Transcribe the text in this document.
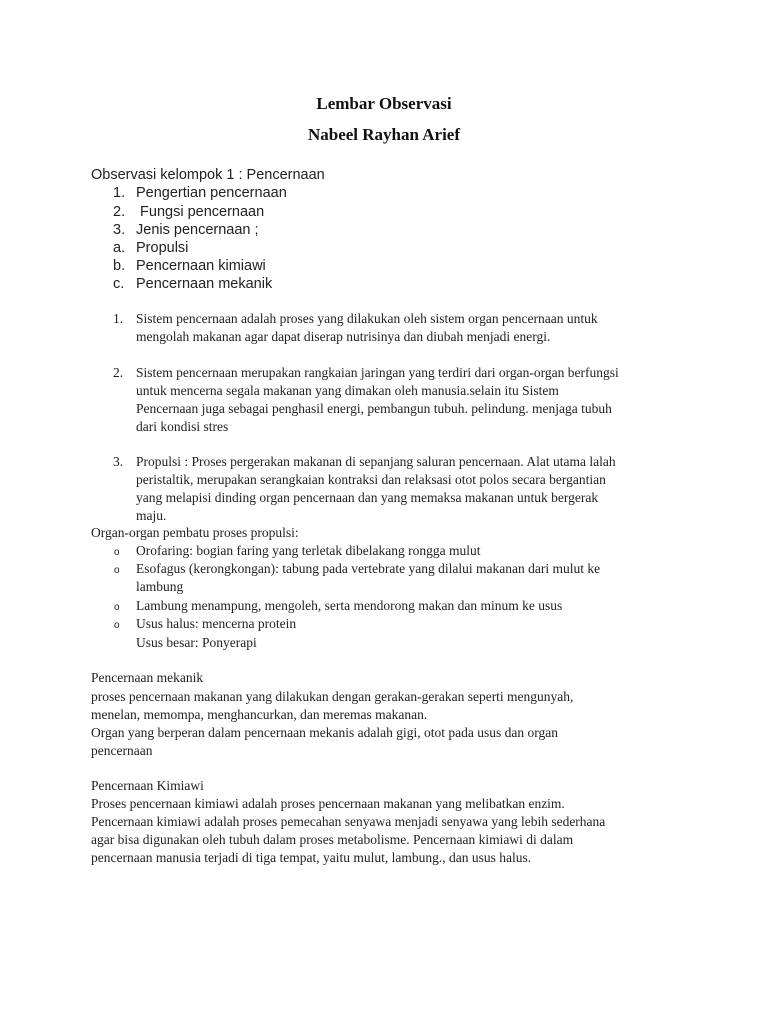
Lembar Observasi
Nabeel Rayhan Arief
Observasi kelompok 1 : Pencernaan
1. Pengertian pencernaan
2. Fungsi pencernaan
3. Jenis pencernaan ;
a. Propulsi
b. Pencernaan kimiawi
c. Pencernaan mekanik
1. Sistem pencernaan adalah proses yang dilakukan oleh sistem organ pencernaan untuk
mengolah makanan agar dapat diserap nutrisinya dan diubah menjadi energi.
2. Sistem pencernaan merupakan rangkaian jaringan yang terdiri dari organ-organ berfungsi
untuk mencerna segala makanan yang dimakan oleh manusia.selain itu Sistem
Pencernaan juga sebagai penghasil energi, pembangun tubuh. pelindung. menjaga tubuh
dari kondisi stres
3. Propulsi : Proses pergerakan makanan di sepanjang saluran pencernaan. Alat utama lalah
peristaltik, merupakan serangkaian kontraksi dan relaksasi otot polos secara bergantian
yang melapisi dinding organ pencernaan dan yang memaksa makanan untuk bergerak
maju.
Organ-organ pembatu proses propulsi:
o Orofaring: bogian faring yang terletak dibelakang rongga mulut
o Esofagus (kerongkongan): tabung pada vertebrate yang dilalui makanan dari mulut ke
lambung
o Lambung menampung, mengoleh, serta mendorong makan dan minum ke usus
o Usus halus: mencerna protein
Usus besar: Ponyerapi
Pencernaan mekanik
proses pencernaan makanan yang dilakukan dengan gerakan-gerakan seperti mengunyah,
menelan, memompa, menghancurkan, dan meremas makanan.
Organ yang berperan dalam pencernaan mekanis adalah gigi, otot pada usus dan organ
pencernaan
Pencernaan Kimiawi
Proses pencernaan kimiawi adalah proses pencernaan makanan yang melibatkan enzim.
Pencernaan kimiawi adalah proses pemecahan senyawa menjadi senyawa yang lebih sederhana
agar bisa digunakan oleh tubuh dalam proses metabolisme. Pencernaan kimiawi di dalam
pencernaan manusia terjadi di tiga tempat, yaitu mulut, lambung., dan usus halus.
